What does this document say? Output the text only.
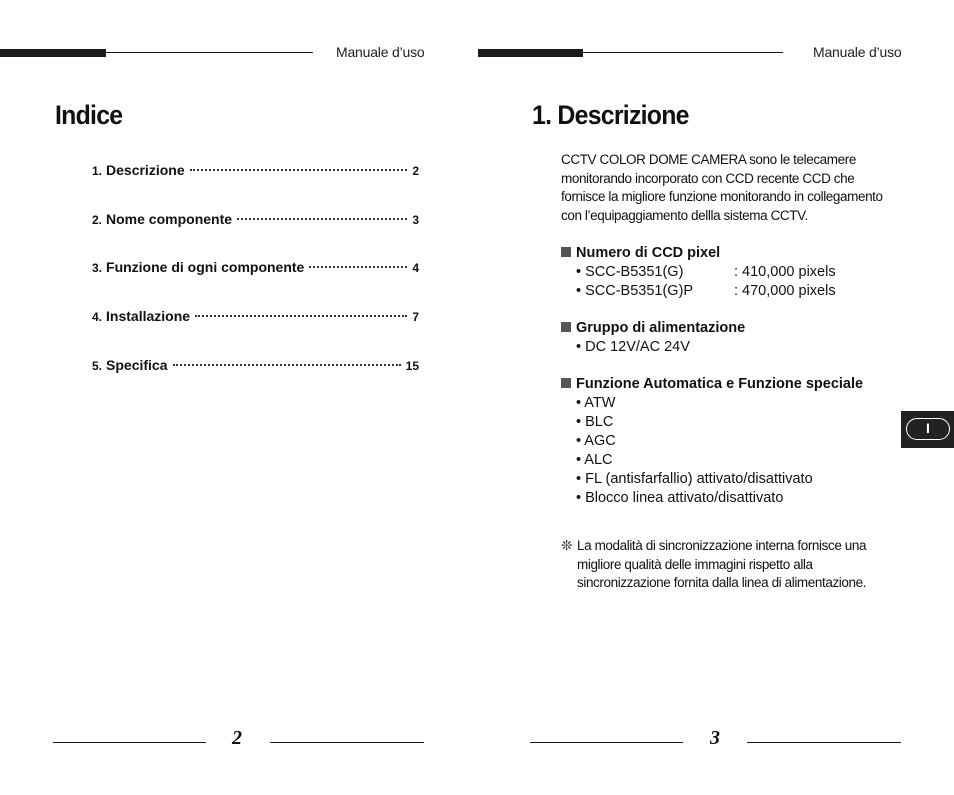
Manuale d’uso
Indice
1. Descrizione	2
2. Nome componente	3
3. Funzione di ogni componente	4
4. Installazione	7
5. Specifica	15
2
Manuale d’uso
1. Descrizione
CCTV COLOR DOME CAMERA sono le telecamere
monitorando incorporato con CCD recente CCD che
fornisce la migliore funzione monitorando in collegamento
con l’equipaggiamento dellla sistema CCTV.
Numero di CCD pixel
• SCC-B5351(G)	: 410,000 pixels
• SCC-B5351(G)P	: 470,000 pixels
Gruppo di alimentazione
• DC 12V/AC 24V
Funzione Automatica e Funzione speciale
• ATW
• BLC
• AGC
• ALC
• FL (antisfarfallio) attivato/disattivato
• Blocco linea attivato/disattivato
❊ La modalità di sincronizzazione interna fornisce una
migliore qualità delle immagini rispetto alla
sincronizzazione fornita dalla linea di alimentazione.
3
I
